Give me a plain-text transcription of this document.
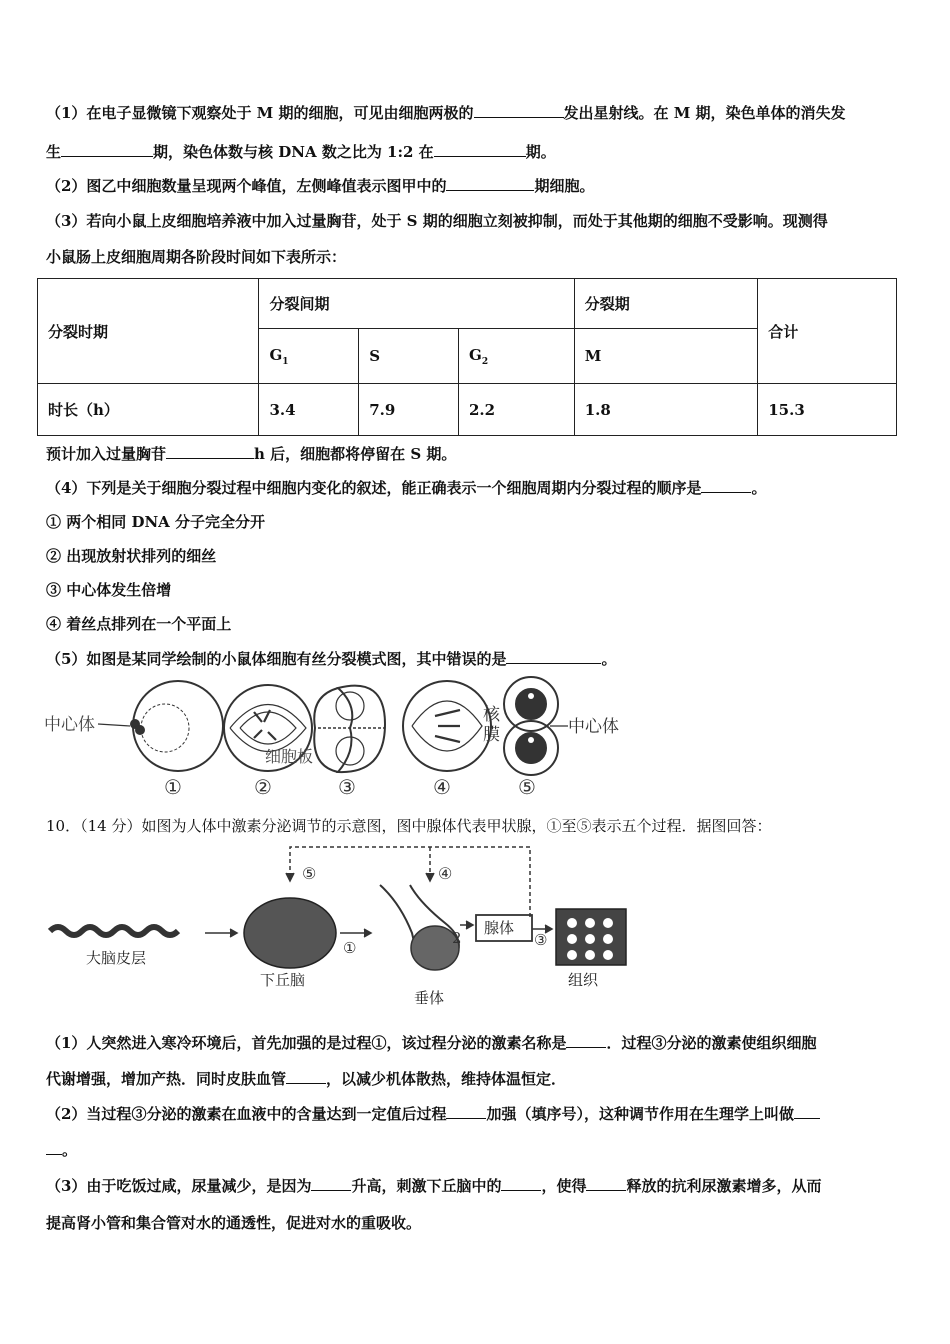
（1）在电子显微镜下观察处于 M 期的细胞，可见由细胞两极的	发出星射线。在 M 期，染色单体的消失发
生	期，染色体数与核 DNA 数之比为 1:2 在	期。
（2）图乙中细胞数量呈现两个峰值，左侧峰值表示图甲中的	期细胞。
（3）若向小鼠上皮细胞培养液中加入过量胸苷，处于 S 期的细胞立刻被抑制，而处于其他期的细胞不受影响。现测得
小鼠肠上皮细胞周期各阶段时间如下表所示：
分裂时期	分裂间期			分裂期	合计
	$G_1$	S	$G_2$	M	
时长（h）	3.4	7.9	2.2	1.8	15.3
预计加入过量胸苷	h 后，细胞都将停留在 S 期。
（4）下列是关于细胞分裂过程中细胞内变化的叙述，能正确表示一个细胞周期内分裂过程的顺序是	。
① 两个相同 DNA 分子完全分开
② 出现放射状排列的细丝
③ 中心体发生倍增
④ 着丝点排列在一个平面上
（5）如图是某同学绘制的小鼠体细胞有丝分裂模式图，其中错误的是	。
中心体
细胞板
核
膜	中心体
①	②	③	④	⑤
10．（14 分）如图为人体中激素分泌调节的示意图，图中腺体代表甲状腺，①至⑤表示五个过程．据图回答：
⑤	④
①
2	③
腺体
大脑皮层
下丘脑
垂体
组织
（1）人突然进入寒冷环境后，首先加强的是过程①，该过程分泌的激素名称是	．过程③分泌的激素使组织细胞
代谢增强，增加产热．同时皮肤血管	，以减少机体散热，维持体温恒定．
（2）当过程③分泌的激素在血液中的含量达到一定值后过程	加强（填序号），这种调节作用在生理学上叫做
。
（3）由于吃饭过咸，尿量减少，是因为	升高，刺激下丘脑中的	，使得	释放的抗利尿激素增多，从而
提高肾小管和集合管对水的通透性，促进对水的重吸收。
